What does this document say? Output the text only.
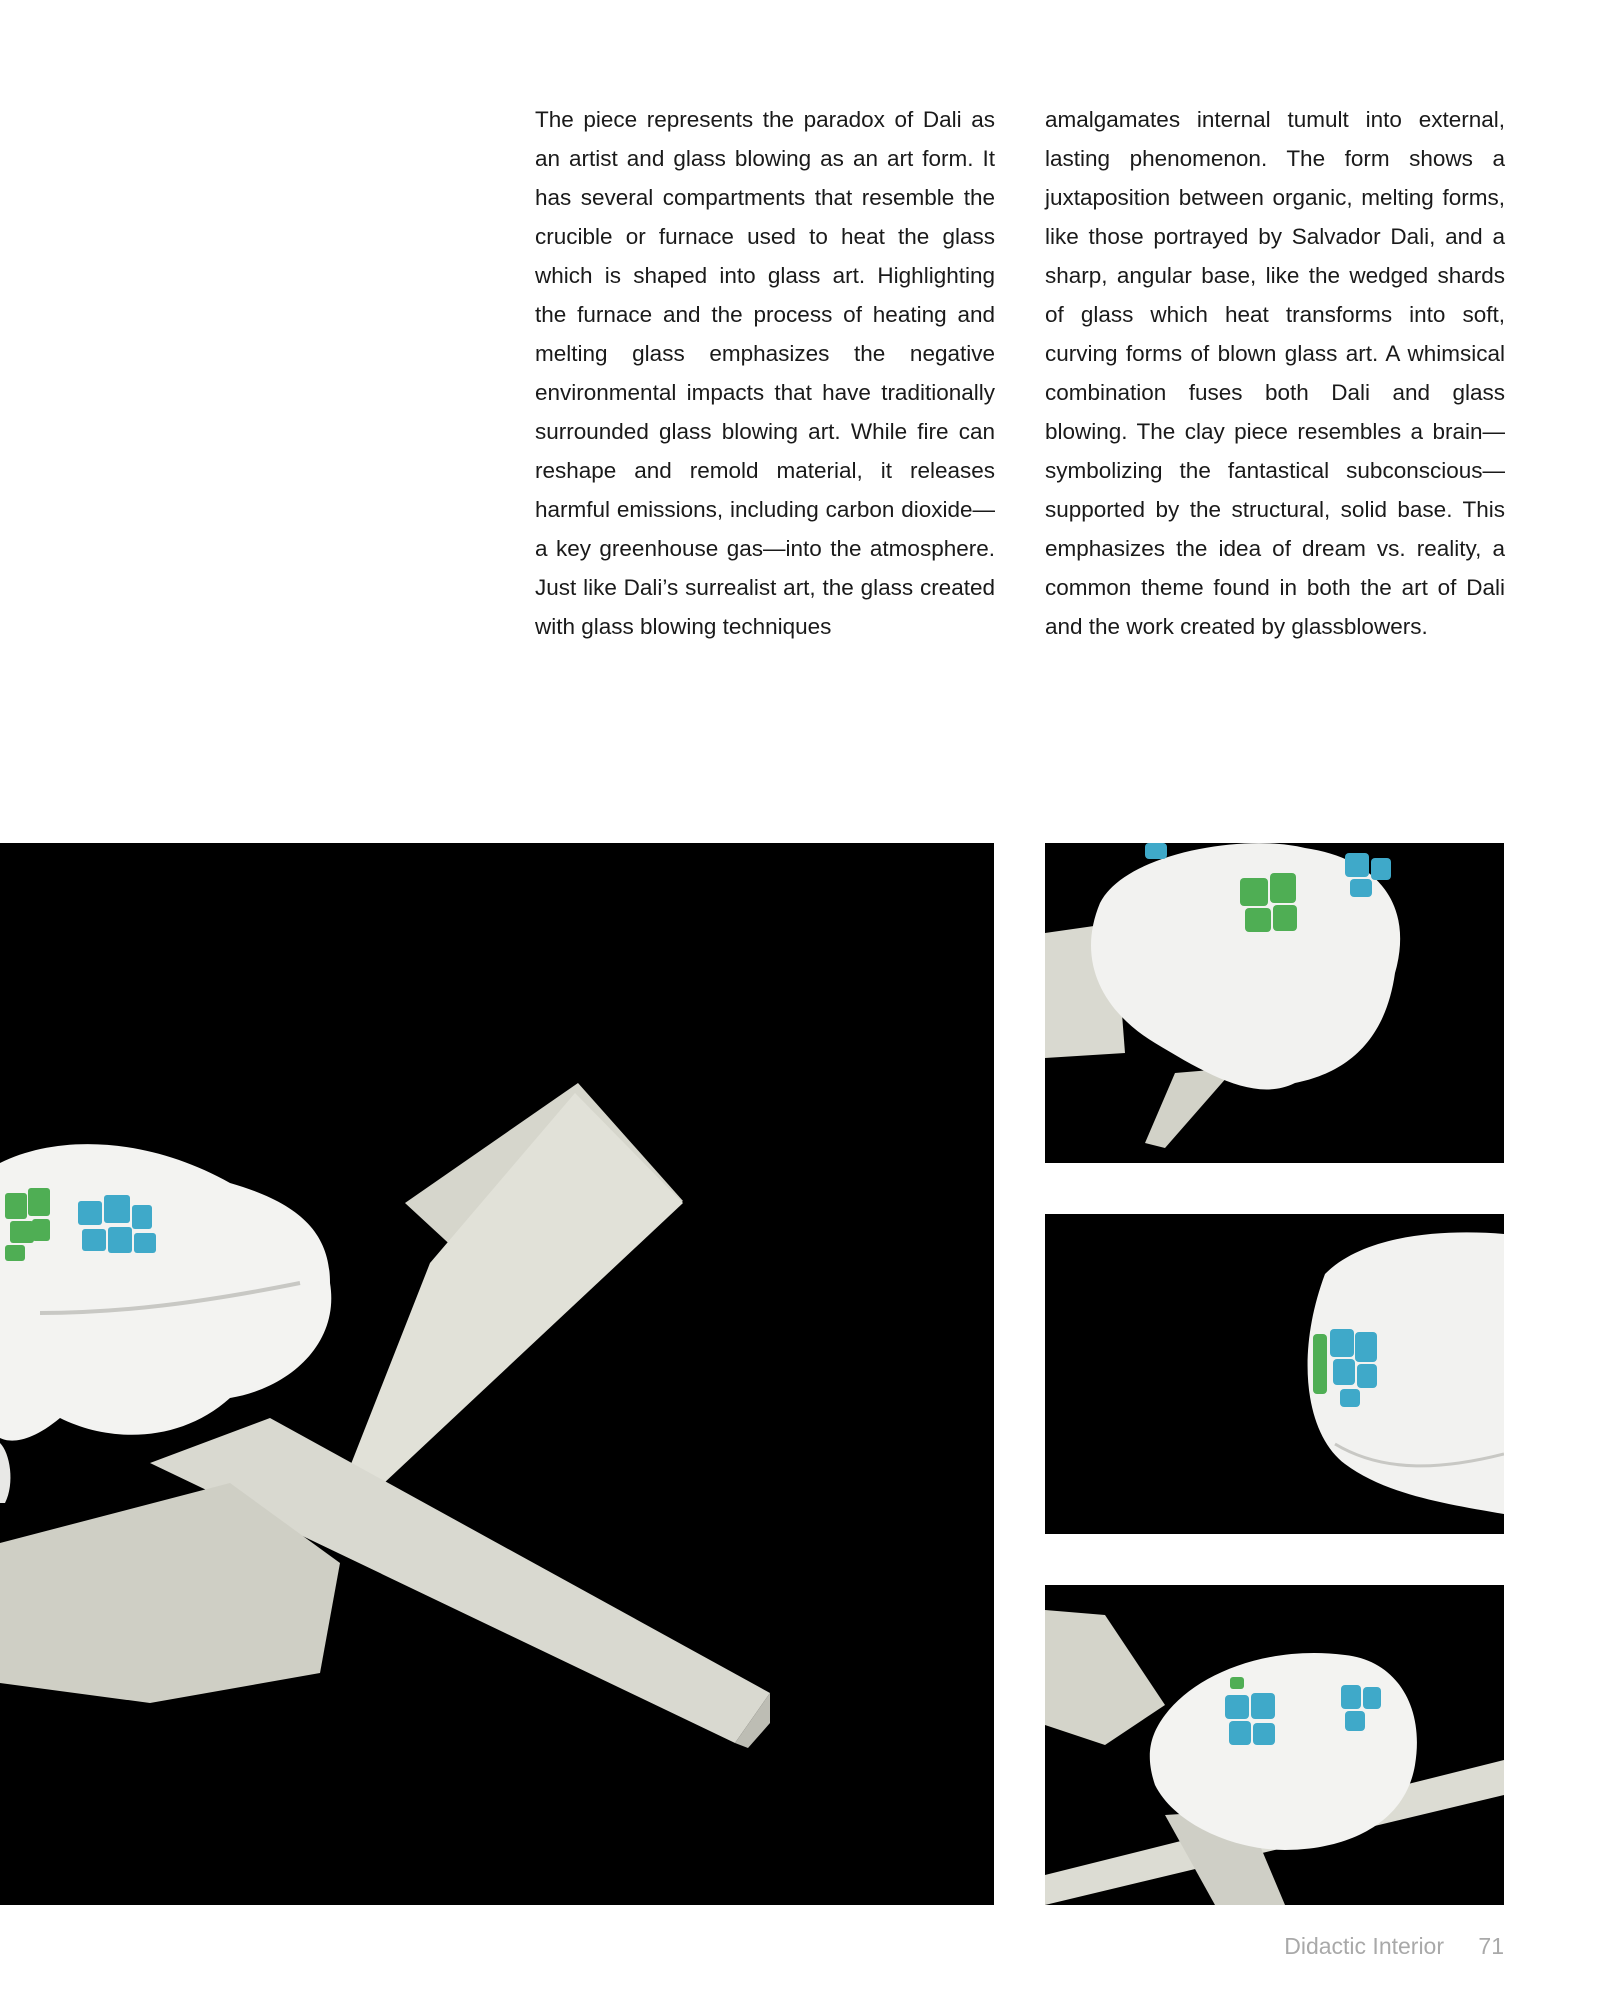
The piece represents the paradox of Dali as an artist and glass blowing as an art form. It has several compartments that resemble the crucible or furnace used to heat the glass which is shaped into glass art. Highlighting the furnace and the process of heating and melting glass emphasizes the negative environmental impacts that have traditionally surrounded glass blowing art. While fire can reshape and remold material, it releases harmful emissions, including carbon dioxide—a key greenhouse gas—into the atmosphere. Just like Dali’s surrealist art, the glass created with glass blowing techniques

amalgamates internal tumult into external, lasting phenomenon. The form shows a juxtaposition between organic, melting forms, like those portrayed by Salvador Dali, and a sharp, angular base, like the wedged shards of glass which heat transforms into soft, curving forms of blown glass art. A whimsical combination fuses both Dali and glass blowing. The clay piece resembles a brain—symbolizing the fantastical subconscious—supported by the structural, solid base. This emphasizes the idea of dream vs. reality, a common theme found in both the art of Dali and the work created by glassblowers.

Didactic Interior 71
